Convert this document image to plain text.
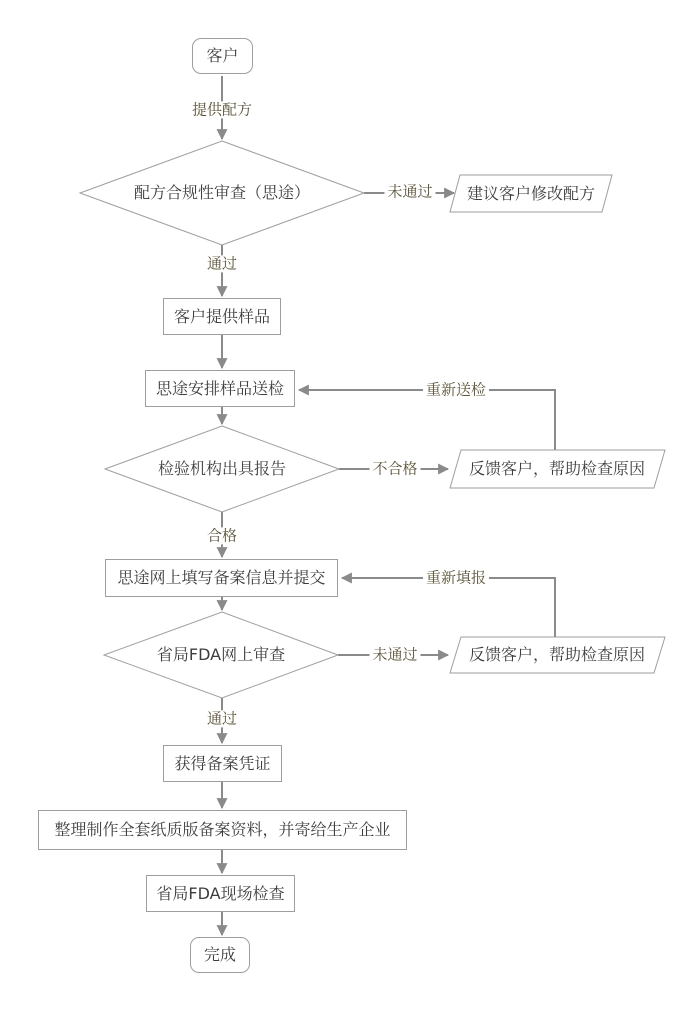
客户
客户提供样品
思途安排样品送检
思途网上填写备案信息并提交
获得备案凭证
整理制作全套纸质版备案资料，并寄给生产企业
省局FDA现场检查
完成
配方合规性审查（思途）
检验机构出具报告
省局FDA网上审查
建议客户修改配方
反馈客户，帮助检查原因
反馈客户，帮助检查原因
提供配方
未通过
通过
重新送检
不合格
合格
重新填报
未通过
通过
